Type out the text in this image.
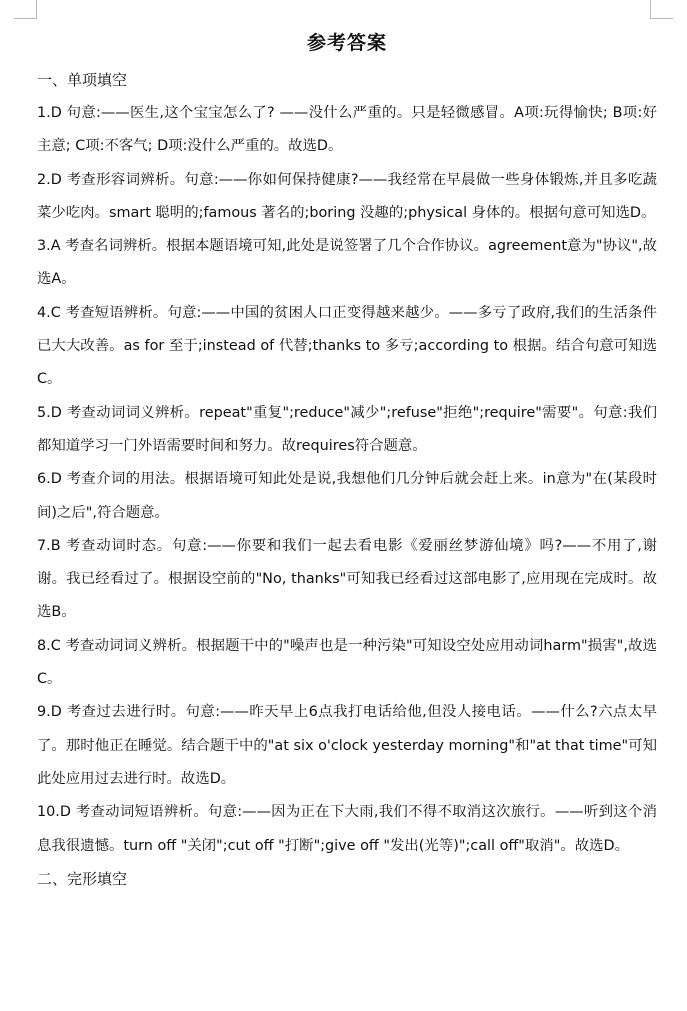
参考答案
一、单项填空
1.D 句意:——医生,这个宝宝怎么了? ——没什么严重的。只是轻微感冒。A项:玩得愉快; B项:好主意; C项:不客气; D项:没什么严重的。故选D。
2.D 考查形容词辨析。句意:——你如何保持健康?——我经常在早晨做一些身体锻炼,并且多吃蔬菜少吃肉。smart 聪明的;famous 著名的;boring 没趣的;physical 身体的。根据句意可知选D。
3.A 考查名词辨析。根据本题语境可知,此处是说签署了几个合作协议。agreement意为"协议",故选A。
4.C 考查短语辨析。句意:——中国的贫困人口正变得越来越少。——多亏了政府,我们的生活条件已大大改善。as for 至于;instead of 代替;thanks to 多亏;according to 根据。结合句意可知选C。
5.D 考查动词词义辨析。repeat"重复";reduce"减少";refuse"拒绝";require"需要"。句意:我们都知道学习一门外语需要时间和努力。故requires符合题意。
6.D 考查介词的用法。根据语境可知此处是说,我想他们几分钟后就会赶上来。in意为"在(某段时间)之后",符合题意。
7.B 考查动词时态。句意:——你要和我们一起去看电影《爱丽丝梦游仙境》吗?——不用了,谢谢。我已经看过了。根据设空前的"No, thanks"可知我已经看过这部电影了,应用现在完成时。故选B。
8.C 考查动词词义辨析。根据题干中的"噪声也是一种污染"可知设空处应用动词harm"损害",故选C。
9.D 考查过去进行时。句意:——昨天早上6点我打电话给他,但没人接电话。——什么?六点太早了。那时他正在睡觉。结合题干中的"at six o'clock yesterday morning"和"at that time"可知此处应用过去进行时。故选D。
10.D 考查动词短语辨析。句意:——因为正在下大雨,我们不得不取消这次旅行。——听到这个消息我很遗憾。turn off "关闭";cut off "打断";give off "发出(光等)";call off"取消"。故选D。
二、完形填空
